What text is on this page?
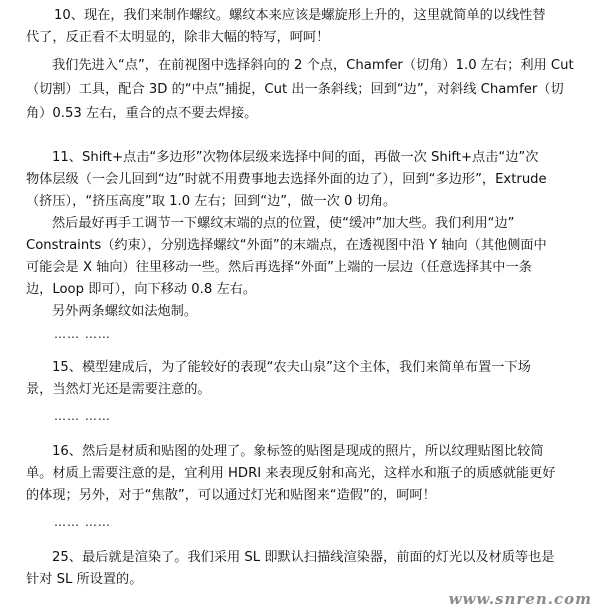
10、现在，我们来制作螺纹。螺纹本来应该是螺旋形上升的，这里就简单的以线性替
代了，反正看不太明显的，除非大幅的特写，呵呵！
我们先进入“点”，在前视图中选择斜向的 2 个点，Chamfer（切角）1.0 左右；利用 Cut
（切割）工具，配合 3D 的“中点”捕捉，Cut 出一条斜线；回到“边”，对斜线 Chamfer（切
角）0.53 左右，重合的点不要去焊接。
11、Shift+点击“多边形”次物体层级来选择中间的面，再做一次 Shift+点击“边”次
物体层级（一会儿回到“边”时就不用费事地去选择外面的边了），回到“多边形”，Extrude
（挤压），“挤压高度”取 1.0 左右；回到“边”，做一次 0 切角。
然后最好再手工调节一下螺纹末端的点的位置，使“缓冲”加大些。我们利用“边”
Constraints（约束），分别选择螺纹“外面”的末端点，在透视图中沿 Y 轴向（其他侧面中
可能会是 X 轴向）往里移动一些。然后再选择“外面”上端的一层边（任意选择其中一条
边，Loop 即可），向下移动 0.8 左右。
另外两条螺纹如法炮制。
…… ……
15、模型建成后，为了能较好的表现“农夫山泉”这个主体，我们来简单布置一下场
景，当然灯光还是需要注意的。
…… ……
16、然后是材质和贴图的处理了。象标签的贴图是现成的照片，所以纹理贴图比较简
单。材质上需要注意的是，宜利用 HDRI 来表现反射和高光，这样水和瓶子的质感就能更好
的体现；另外，对于“焦散”，可以通过灯光和贴图来“造假”的，呵呵！
…… ……
25、最后就是渲染了。我们采用 SL 即默认扫描线渲染器，前面的灯光以及材质等也是
针对 SL 所设置的。
www.snren.com
